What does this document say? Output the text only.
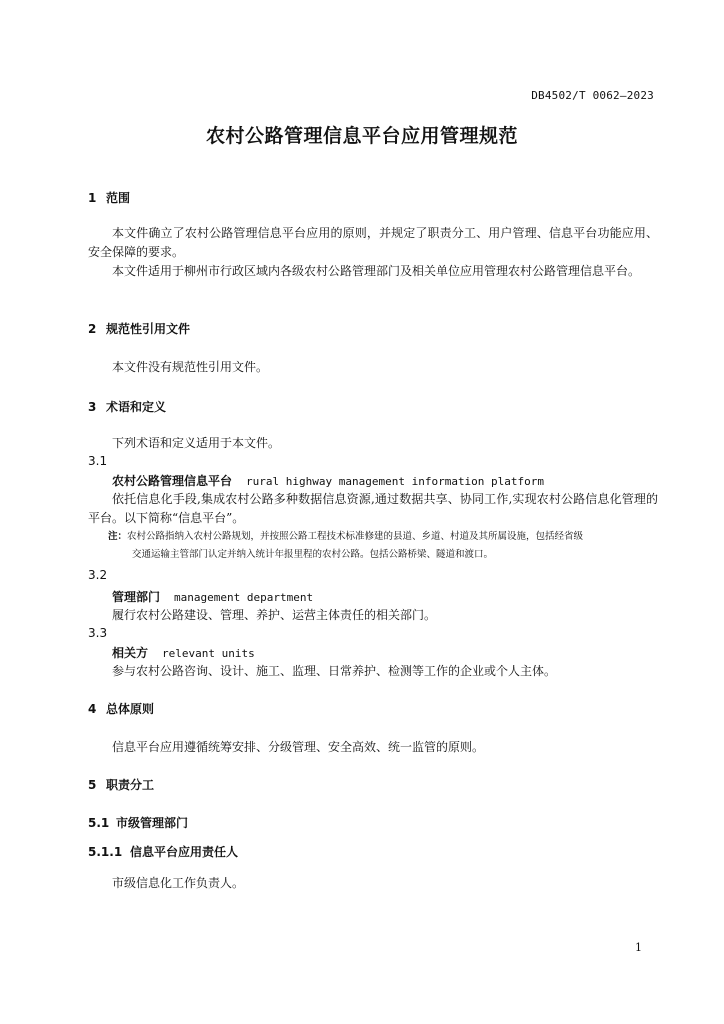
DB4502/T 0062—2023
农村公路管理信息平台应用管理规范
1 范围
本文件确立了农村公路管理信息平台应用的原则，并规定了职责分工、用户管理、信息平台功能应用、安全保障的要求。
本文件适用于柳州市行政区域内各级农村公路管理部门及相关单位应用管理农村公路管理信息平台。
2 规范性引用文件
本文件没有规范性引用文件。
3 术语和定义
下列术语和定义适用于本文件。
3.1
农村公路管理信息平台 rural highway management information platform
依托信息化手段,集成农村公路多种数据信息资源,通过数据共享、协同工作,实现农村公路信息化管理的平台。以下简称“信息平台”。
注：农村公路指纳入农村公路规划，并按照公路工程技术标准修建的县道、乡道、村道及其所属设施，包括经省级
交通运输主管部门认定并纳入统计年报里程的农村公路。包括公路桥梁、隧道和渡口。
3.2
管理部门 management department
履行农村公路建设、管理、养护、运营主体责任的相关部门。
3.3
相关方 relevant units
参与农村公路咨询、设计、施工、监理、日常养护、检测等工作的企业或个人主体。
4 总体原则
信息平台应用遵循统筹安排、分级管理、安全高效、统一监管的原则。
5 职责分工
5.1 市级管理部门
5.1.1 信息平台应用责任人
市级信息化工作负责人。
1
